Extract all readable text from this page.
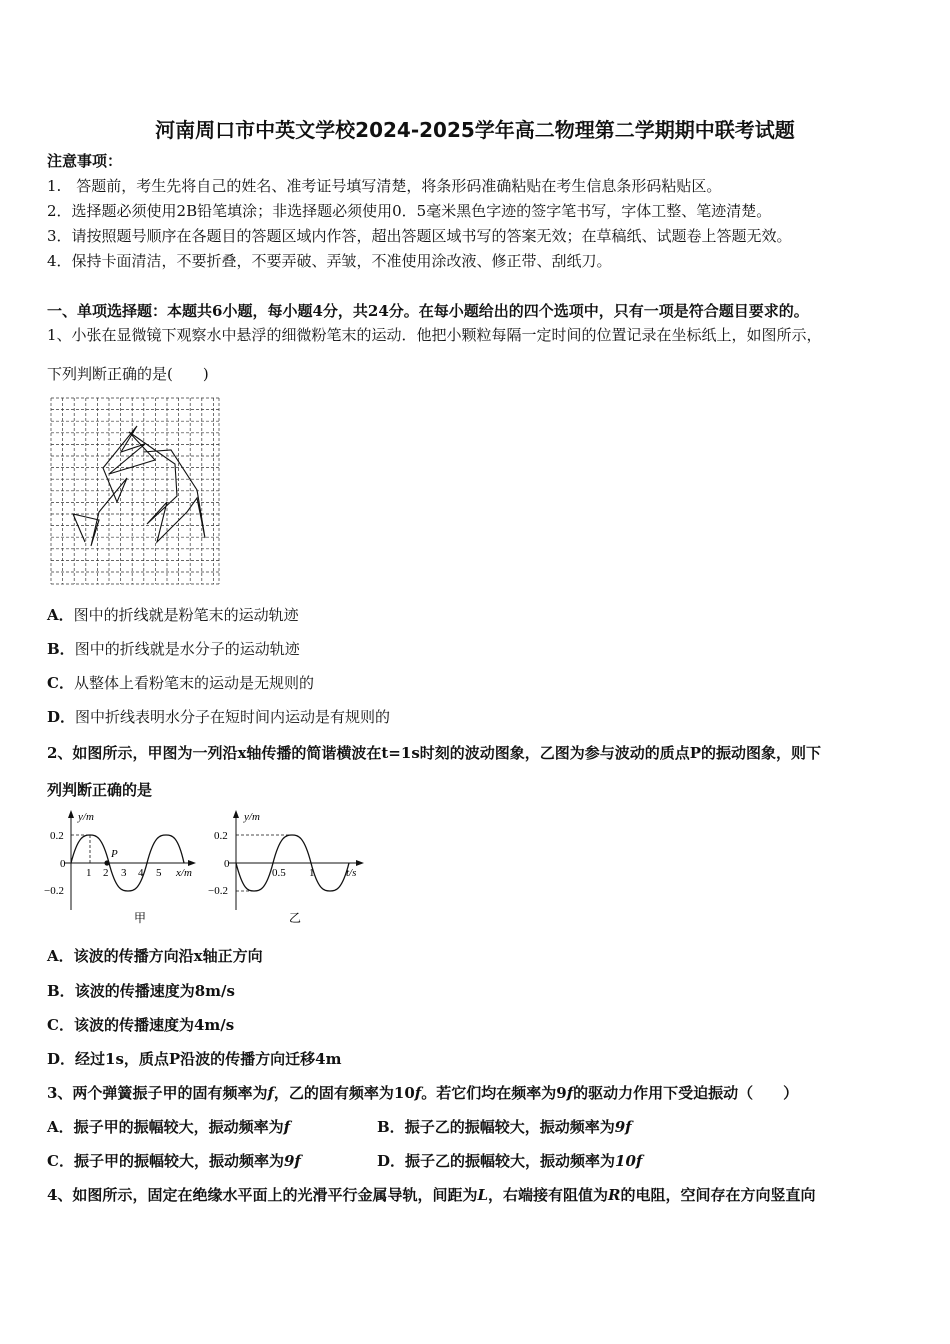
河南周口市中英文学校2024-2025学年高二物理第二学期期中联考试题
注意事项：
1.　答题前，考生先将自己的姓名、准考证号填写清楚，将条形码准确粘贴在考生信息条形码粘贴区。
2．选择题必须使用2B铅笔填涂；非选择题必须使用0．5毫米黑色字迹的签字笔书写，字体工整、笔迹清楚。
3．请按照题号顺序在各题目的答题区域内作答，超出答题区域书写的答案无效；在草稿纸、试题卷上答题无效。
4．保持卡面清洁，不要折叠，不要弄破、弄皱，不准使用涂改液、修正带、刮纸刀。
一、单项选择题：本题共6小题，每小题4分，共24分。在每小题给出的四个选项中，只有一项是符合题目要求的。
1、小张在显微镜下观察水中悬浮的细微粉笔末的运动．他把小颗粒每隔一定时间的位置记录在坐标纸上，如图所示，
下列判断正确的是(　　)
A．图中的折线就是粉笔末的运动轨迹
B．图中的折线就是水分子的运动轨迹
C．从整体上看粉笔末的运动是无规则的
D．图中折线表明水分子在短时间内运动是有规则的
2、如图所示，甲图为一列沿x轴传播的简谐横波在t=1s时刻的波动图象，乙图为参与波动的质点P的振动图象，则下
列判断正确的是
y/m
0.2
0
−0.2
P
1 2 3 4 5 x/m
甲
y/m
0.2
0
−0.2
0.5 1	t/s
乙
A．该波的传播方向沿x轴正方向
B．该波的传播速度为8m/s
C．该波的传播速度为4m/s
D．经过1s，质点P沿波的传播方向迁移4m
3、两个弹簧振子甲的固有频率为f，乙的固有频率为10f。若它们均在频率为9f的驱动力作用下受迫振动（　　）
A．振子甲的振幅较大，振动频率为f	B．振子乙的振幅较大，振动频率为9f
C．振子甲的振幅较大，振动频率为9f	D．振子乙的振幅较大，振动频率为10f
4、如图所示，固定在绝缘水平面上的光滑平行金属导轨，间距为L，右端接有阻值为R的电阻，空间存在方向竖直向
